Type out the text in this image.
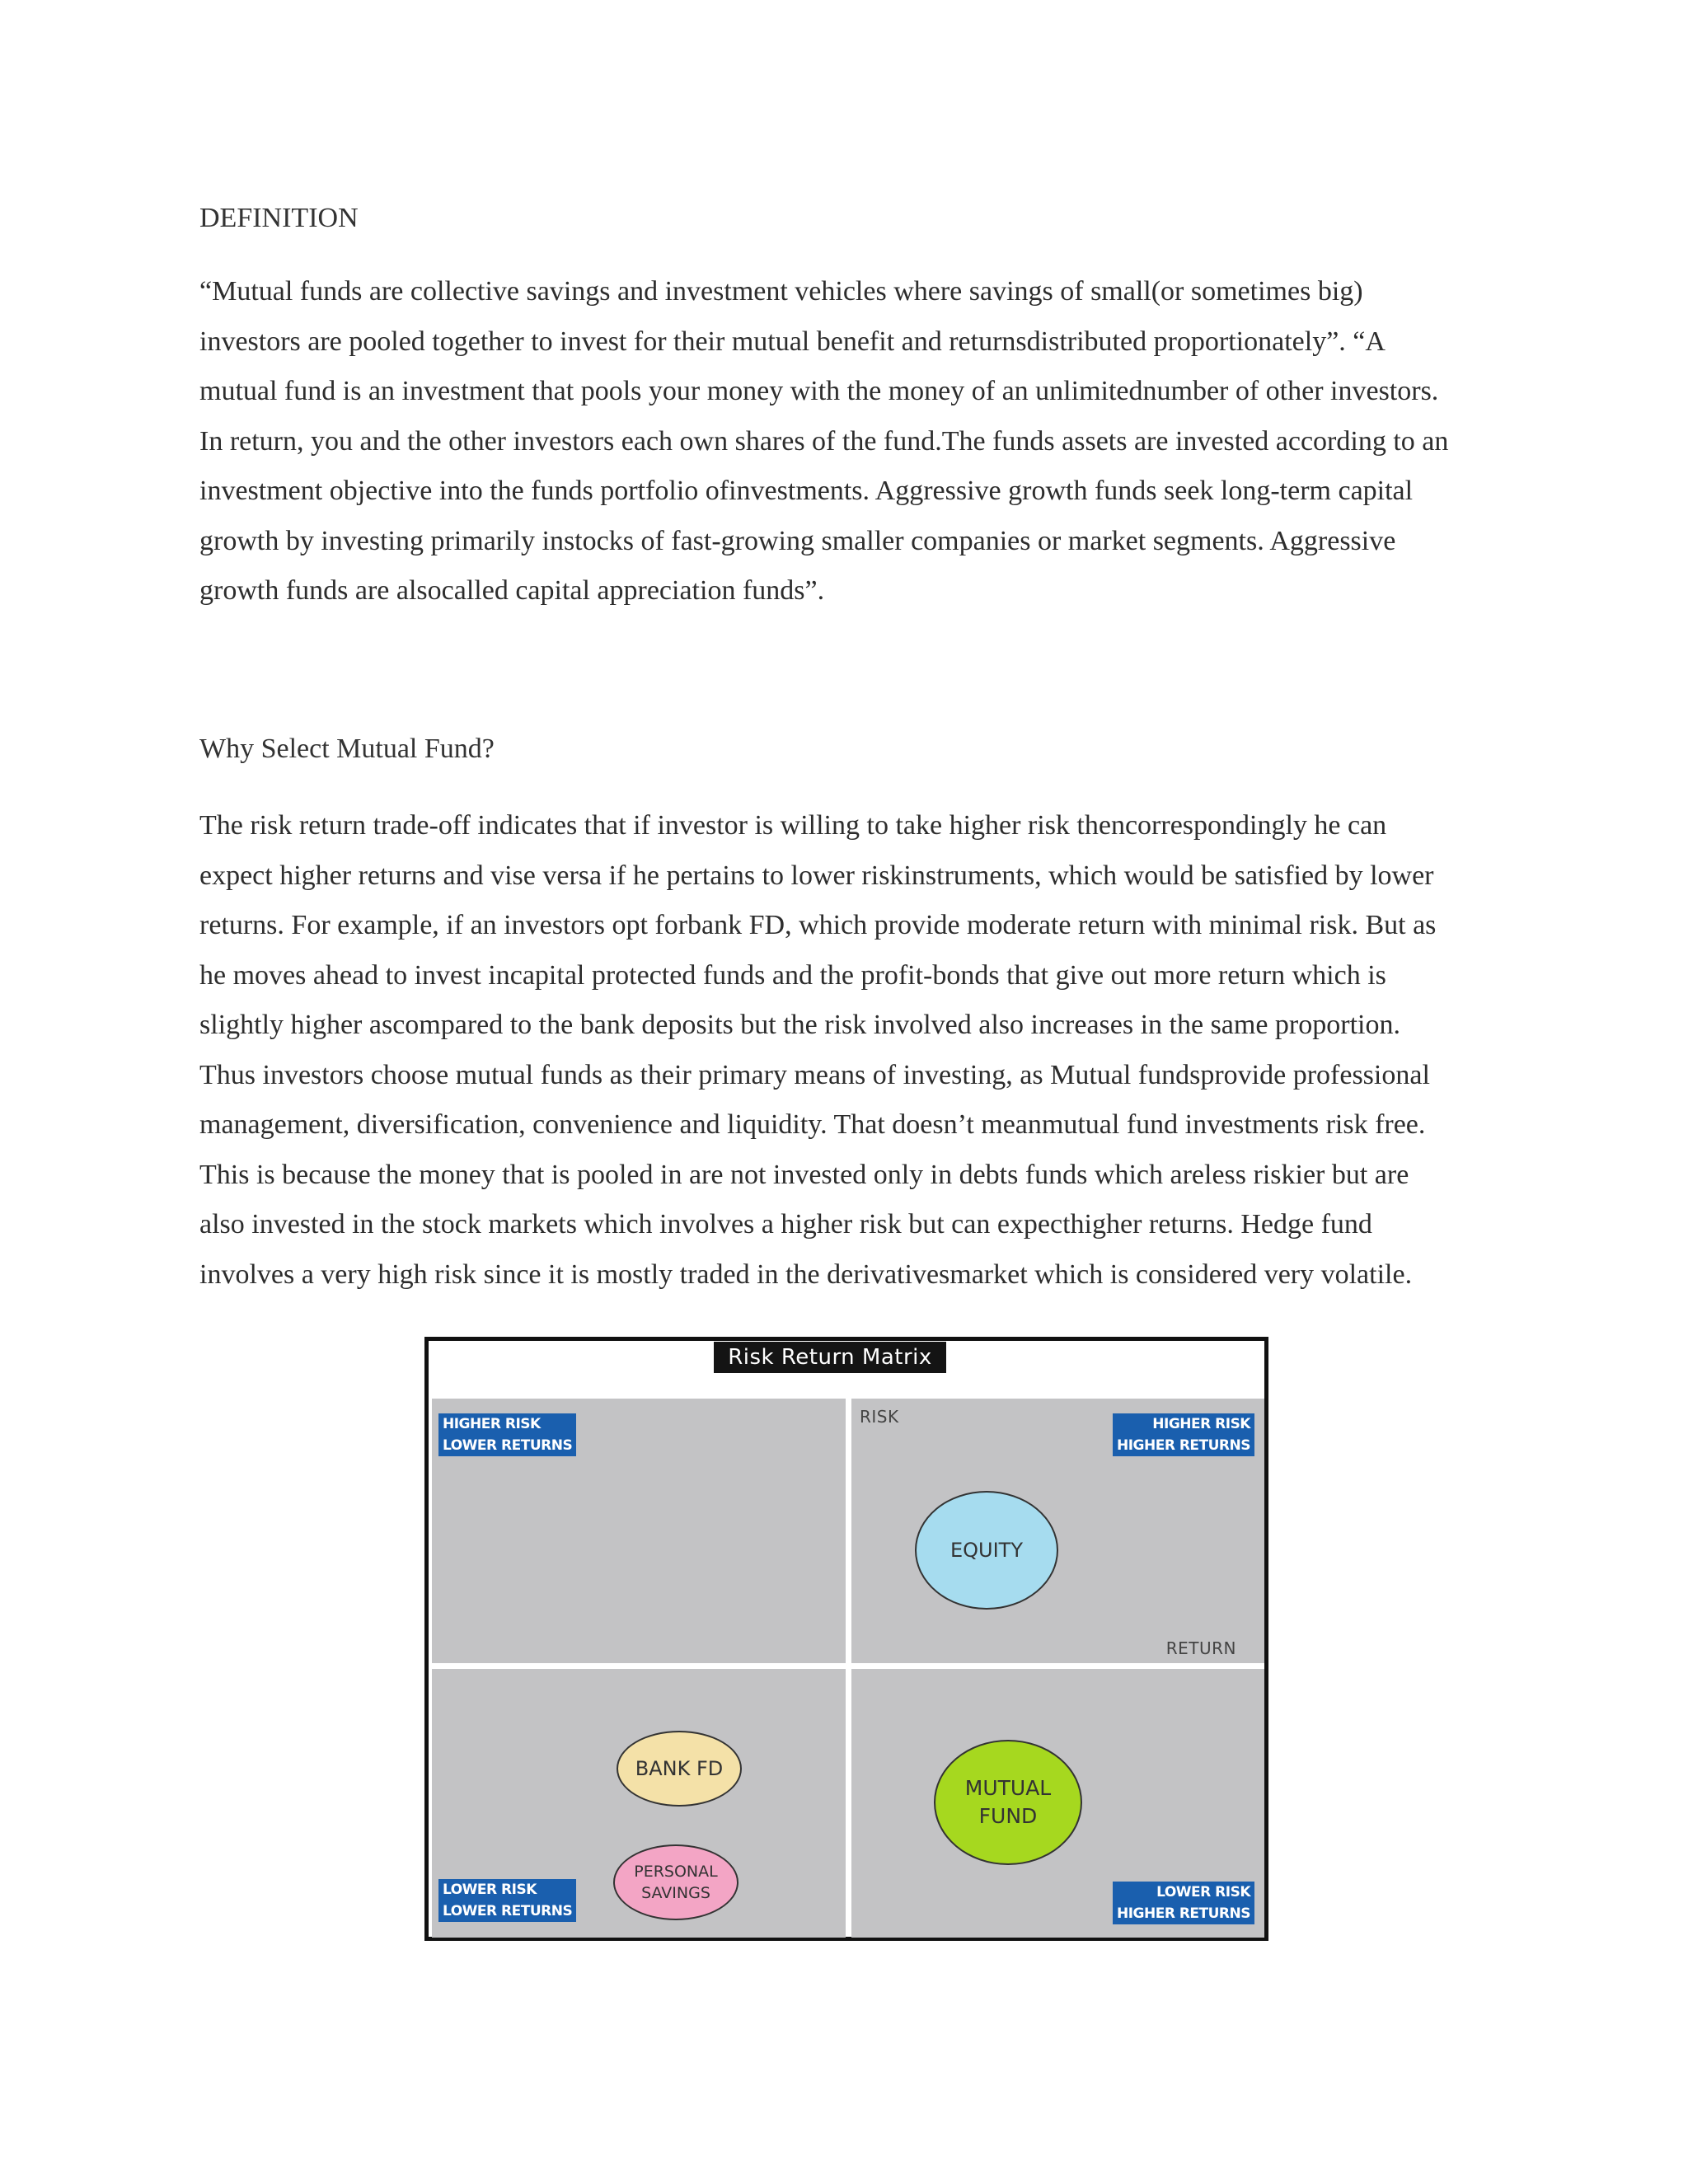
DEFINITION
“Mutual funds are collective savings and investment vehicles where savings of small(or sometimes big)
investors are pooled together to invest for their mutual benefit and returnsdistributed proportionately”. “A
mutual fund is an investment that pools your money with the money of an unlimitednumber of other investors.
In return, you and the other investors each own shares of the fund.The funds assets are invested according to an
investment objective into the funds portfolio ofinvestments. Aggressive growth funds seek long-term capital
growth by investing primarily instocks of fast-growing smaller companies or market segments. Aggressive
growth funds are alsocalled capital appreciation funds”.
Why Select Mutual Fund?
The risk return trade-off indicates that if investor is willing to take higher risk thencorrespondingly he can
expect higher returns and vise versa if he pertains to lower riskinstruments, which would be satisfied by lower
returns. For example, if an investors opt forbank FD, which provide moderate return with minimal risk. But as
he moves ahead to invest incapital protected funds and the profit-bonds that give out more return which is
slightly higher ascompared to the bank deposits but the risk involved also increases in the same proportion.
Thus investors choose mutual funds as their primary means of investing, as Mutual fundsprovide professional
management, diversification, convenience and liquidity. That doesn’t meanmutual fund investments risk free.
This is because the money that is pooled in are not invested only in debts funds which areless riskier but are
also invested in the stock markets which involves a higher risk but can expecthigher returns. Hedge fund
involves a very high risk since it is mostly traded in the derivativesmarket which is considered very volatile.
Risk Return Matrix
HIGHER RISK
LOWER RETURNS
RISK	HIGHER RISK
HIGHER RETURNS
EQUITY
RETURN
BANK FD
PERSONAL
SAVINGS
LOWER RISK
LOWER RETURNS
MUTUAL
FUND
LOWER RISK
HIGHER RETURNS
